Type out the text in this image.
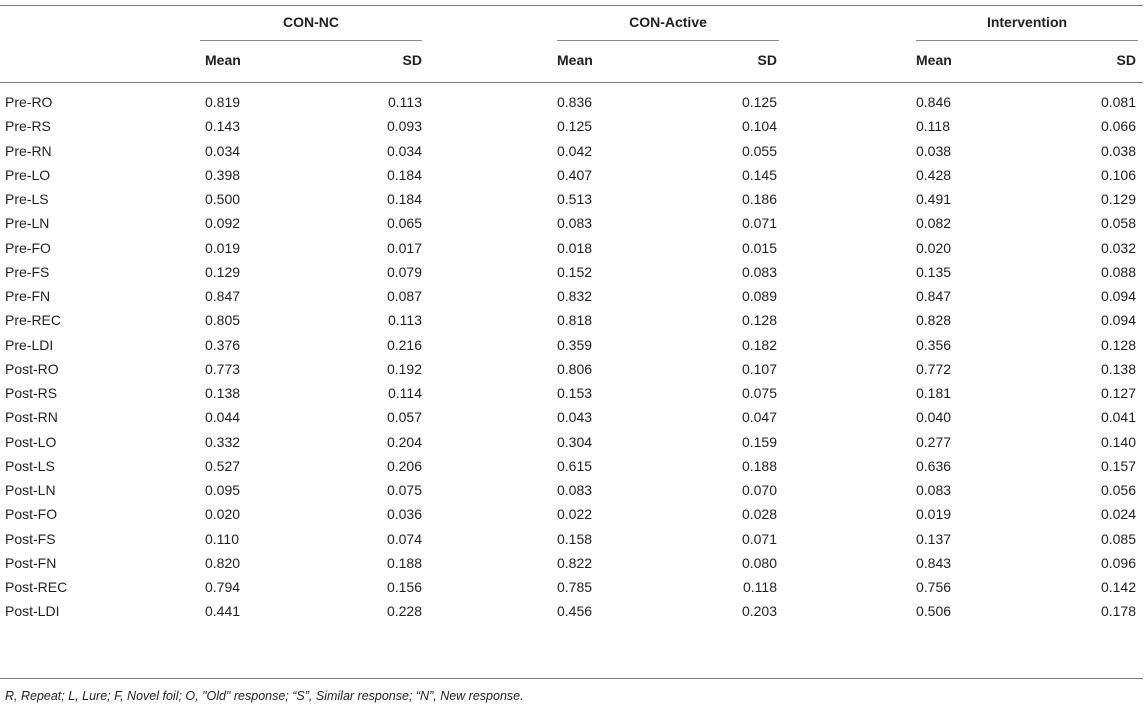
CON-NC	CON-Active	Intervention
Mean	SD	Mean	SD	Mean	SD
Pre-RO	0.819	0.113	0.836	0.125	0.846	0.081
Pre-RS	0.143	0.093	0.125	0.104	0.118	0.066
Pre-RN	0.034	0.034	0.042	0.055	0.038	0.038
Pre-LO	0.398	0.184	0.407	0.145	0.428	0.106
Pre-LS	0.500	0.184	0.513	0.186	0.491	0.129
Pre-LN	0.092	0.065	0.083	0.071	0.082	0.058
Pre-FO	0.019	0.017	0.018	0.015	0.020	0.032
Pre-FS	0.129	0.079	0.152	0.083	0.135	0.088
Pre-FN	0.847	0.087	0.832	0.089	0.847	0.094
Pre-REC	0.805	0.113	0.818	0.128	0.828	0.094
Pre-LDI	0.376	0.216	0.359	0.182	0.356	0.128
Post-RO	0.773	0.192	0.806	0.107	0.772	0.138
Post-RS	0.138	0.114	0.153	0.075	0.181	0.127
Post-RN	0.044	0.057	0.043	0.047	0.040	0.041
Post-LO	0.332	0.204	0.304	0.159	0.277	0.140
Post-LS	0.527	0.206	0.615	0.188	0.636	0.157
Post-LN	0.095	0.075	0.083	0.070	0.083	0.056
Post-FO	0.020	0.036	0.022	0.028	0.019	0.024
Post-FS	0.110	0.074	0.158	0.071	0.137	0.085
Post-FN	0.820	0.188	0.822	0.080	0.843	0.096
Post-REC	0.794	0.156	0.785	0.118	0.756	0.142
Post-LDI	0.441	0.228	0.456	0.203	0.506	0.178
R, Repeat; L, Lure; F, Novel foil; O, "Old" response; “S”, Similar response; “N”, New response.
